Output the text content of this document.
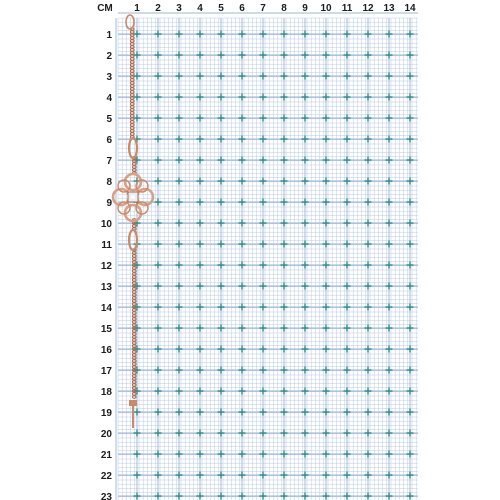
СМ 1 2 3 4 5 6 7 8 9 10 11 12 13 14
1
2
3
4
5
6
7
8
9
10
11
12
13
14
15
16
17
18
19
20
21
22
23
